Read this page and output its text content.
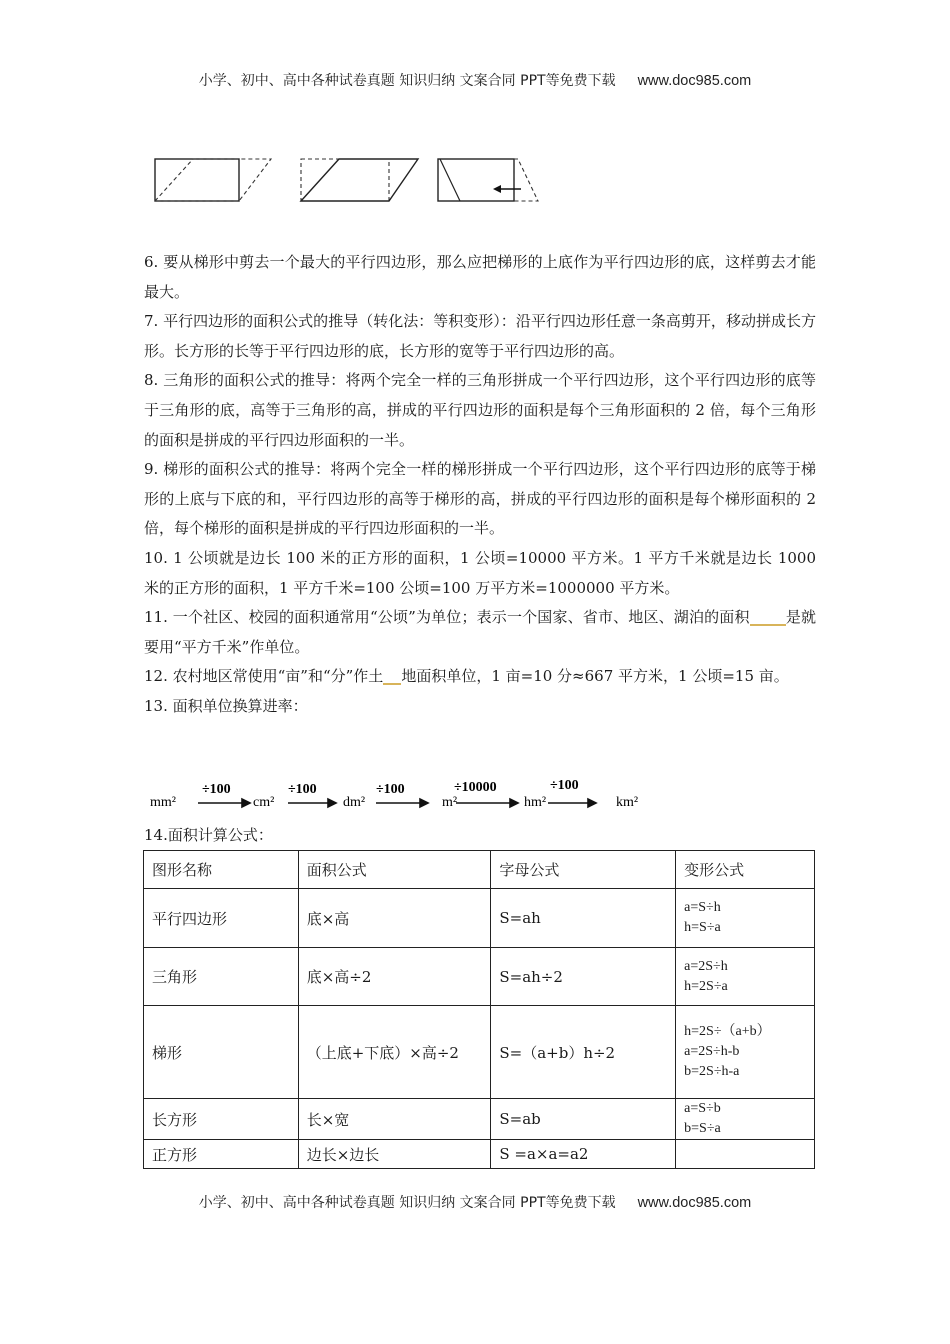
小学、初中、高中各种试卷真题 知识归纳 文案合同 PPT等免费下载 www.doc985.com

6. 要从梯形中剪去一个最大的平行四边形，那么应把梯形的上底作为平行四边形的底，这样剪去才能最大。

7. 平行四边形的面积公式的推导（转化法：等积变形）：沿平行四边形任意一条高剪开，移动拼成长方形。长方形的长等于平行四边形的底，长方形的宽等于平行四边形的高。

8. 三角形的面积公式的推导：将两个完全一样的三角形拼成一个平行四边形，这个平行四边形的底等于三角形的底，高等于三角形的高，拼成的平行四边形的面积是每个三角形面积的 2 倍，每个三角形的面积是拼成的平行四边形面积的一半。

9. 梯形的面积公式的推导：将两个完全一样的梯形拼成一个平行四边形，这个平行四边形的底等于梯形的上底与下底的和，平行四边形的高等于梯形的高，拼成的平行四边形的面积是每个梯形面积的 2 倍，每个梯形的面积是拼成的平行四边形面积的一半。

10. 1 公顷就是边长 100 米的正方形的面积，1 公顷=10000 平方米。1 平方千米就是边长 1000 米的正方形的面积，1 平方千米=100 公顷=100 万平方米=1000000 平方米。

11. 一个社区、校园的面积通常用“公顷”为单位；表示一个国家、省市、地区、湖泊的面积 是就要用“平方千米”作单位。

12. 农村地区常使用“亩”和“分”作土 地面积单位，1 亩=10 分≈667 平方米，1 公顷=15 亩。

13. 面积单位换算进率：

mm²	cm²	dm²	m²	hm²	km²
÷100	÷100	÷100	÷10000	÷100
14.面积计算公式：
图形名称	面积公式	字母公式	变形公式
平行四边形	底×高	S=ah	a=S÷h
h=S÷a

三角形	底×高÷2	S=ah÷2	a=2S÷h
h=2S÷a

梯形	（上底+下底）×高÷2	S=（a+b）h÷2	h=2S÷（a+b）
a=2S÷h-b
b=2S÷h-a

长方形	长×宽	S=ab	a=S÷b
b=S÷a

正方形	边长×边长	S =a×a=a2	
小学、初中、高中各种试卷真题 知识归纳 文案合同 PPT等免费下载 www.doc985.com
